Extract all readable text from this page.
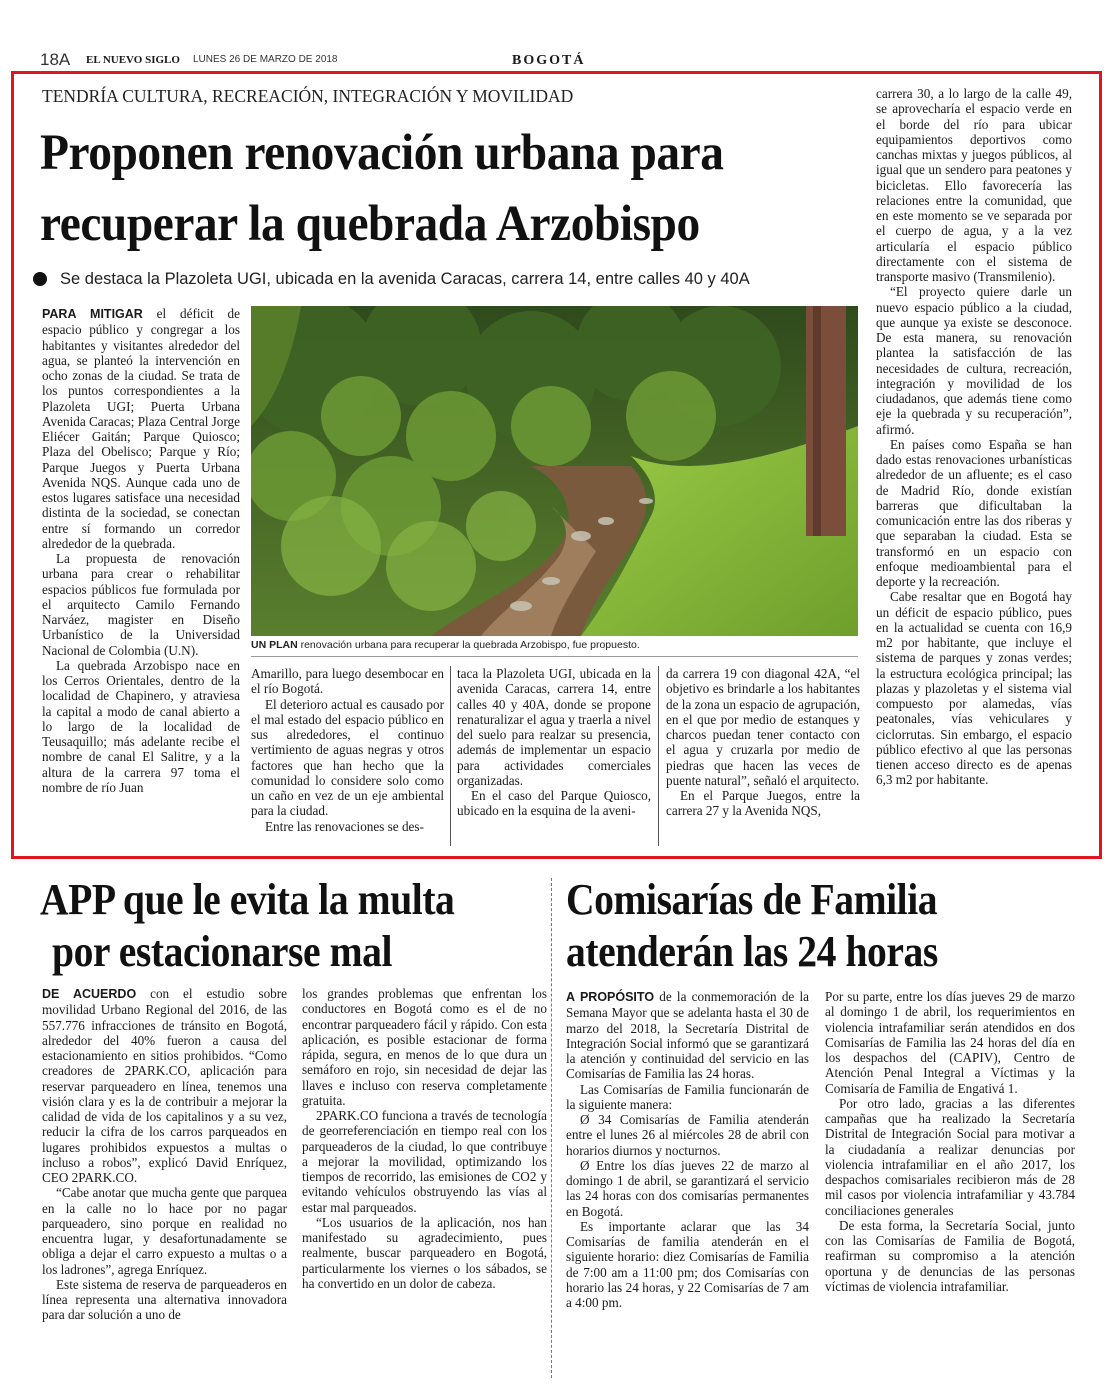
18A EL NUEVO SIGLO LUNES 26 DE MARZO DE 2018	BOGOTÁ
TENDRÍA CULTURA, RECREACIÓN, INTEGRACIÓN Y MOVILIDAD
Proponen renovación urbana para
recuperar la quebrada Arzobispo
Se destaca la Plazoleta UGI, ubicada en la avenida Caracas, carrera 14, entre calles 40 y 40A

PARA MITIGAR el déficit de espacio público y congregar a los habitantes y visitantes alrededor del agua, se planteó la intervención en ocho zonas de la ciudad. Se trata de los puntos correspondientes a la Plazoleta UGI; Puerta Urbana Avenida Caracas; Plaza Central Jorge Eliécer Gaitán; Parque Quiosco; Plaza del Obelisco; Parque y Río; Parque Juegos y Puerta Urbana Avenida NQS. Aunque cada uno de estos lugares satisface una necesidad distinta de la sociedad, se conectan entre sí formando un corredor alrededor de la quebrada.

La propuesta de renovación urbana para crear o rehabilitar espacios públicos fue formulada por el arquitecto Camilo Fernando Narváez, magister en Diseño Urbanístico de la Universidad Nacional de Colombia (U.N).

La quebrada Arzobispo nace en los Cerros Orientales, dentro de la localidad de Chapinero, y atraviesa la capital a modo de canal abierto a lo largo de la localidad de Teusaquillo; más adelante recibe el nombre de canal El Salitre, y a la altura de la carrera 97 toma el nombre de río Juan

UN PLAN renovación urbana para recuperar la quebrada Arzobispo, fue propuesto.

Amarillo, para luego desembocar en el río Bogotá.

El deterioro actual es causado por el mal estado del espacio público en sus alrededores, el continuo vertimiento de aguas negras y otros factores que han hecho que la comunidad lo considere solo como un caño en vez de un eje ambiental para la ciudad.

Entre las renovaciones se des-

taca la Plazoleta UGI, ubicada en la avenida Caracas, carrera 14, entre calles 40 y 40A, donde se propone renaturalizar el agua y traerla a nivel del suelo para realzar su presencia, además de implementar un espacio para actividades comerciales organizadas.

En el caso del Parque Quiosco, ubicado en la esquina de la aveni-

da carrera 19 con diagonal 42A, “el objetivo es brindarle a los habitantes de la zona un espacio de agrupación, en el que por medio de estanques y charcos puedan tener contacto con el agua y cruzarla por medio de piedras que hacen las veces de puente natural”, señaló el arquitecto.

En el Parque Juegos, entre la carrera 27 y la Avenida NQS,

carrera 30, a lo largo de la calle 49, se aprovecharía el espacio verde en el borde del río para ubicar equipamientos deportivos como canchas mixtas y juegos públicos, al igual que un sendero para peatones y bicicletas. Ello favorecería las relaciones entre la comunidad, que en este momento se ve separada por el cuerpo de agua, y a la vez articularía el espacio público directamente con el sistema de transporte masivo (Transmilenio).

“El proyecto quiere darle un nuevo espacio público a la ciudad, que aunque ya existe se desconoce. De esta manera, su renovación plantea la satisfacción de las necesidades de cultura, recreación, integración y movilidad de los ciudadanos, que además tiene como eje la quebrada y su recuperación”, afirmó.

En países como España se han dado estas renovaciones urbanísticas alrededor de un afluente; es el caso de Madrid Río, donde existían barreras que dificultaban la comunicación entre las dos riberas y que separaban la ciudad. Esta se transformó en un espacio con enfoque medioambiental para el deporte y la recreación.

Cabe resaltar que en Bogotá hay un déficit de espacio público, pues en la actualidad se cuenta con 16,9 m2 por habitante, que incluye el sistema de parques y zonas verdes; la estructura ecológica principal; las plazas y plazoletas y el sistema vial compuesto por alamedas, vías peatonales, vías vehiculares y ciclorrutas. Sin embargo, el espacio público efectivo al que las personas tienen acceso directo es de apenas 6,3 m2 por habitante.

APP que le evita la multa
por estacionarse mal

DE ACUERDO con el estudio sobre movilidad Urbano Regional del 2016, de las 557.776 infracciones de tránsito en Bogotá, alrededor del 40% fueron a causa del estacionamiento en sitios prohibidos. “Como creadores de 2PARK.CO, aplicación para reservar parqueadero en línea, tenemos una visión clara y es la de contribuir a mejorar la calidad de vida de los capitalinos y a su vez, reducir la cifra de los carros parqueados en lugares prohibidos expuestos a multas o incluso a robos”, explicó David Enríquez, CEO 2PARK.CO.

“Cabe anotar que mucha gente que parquea en la calle no lo hace por no pagar parqueadero, sino porque en realidad no encuentra lugar, y desafortunadamente se obliga a dejar el carro expuesto a multas o a los ladrones”, agrega Enríquez.

Este sistema de reserva de parqueaderos en línea representa una alternativa innovadora para dar solución a uno de

los grandes problemas que enfrentan los conductores en Bogotá como es el de no encontrar parqueadero fácil y rápido. Con esta aplicación, es posible estacionar de forma rápida, segura, en menos de lo que dura un semáforo en rojo, sin necesidad de dejar las llaves e incluso con reserva completamente gratuita.

2PARK.CO funciona a través de tecnología de georreferenciación en tiempo real con los parqueaderos de la ciudad, lo que contribuye a mejorar la movilidad, optimizando los tiempos de recorrido, las emisiones de CO2 y evitando vehículos obstruyendo las vías al estar mal parqueados.

“Los usuarios de la aplicación, nos han manifestado su agradecimiento, pues realmente, buscar parqueadero en Bogotá, particularmente los viernes o los sábados, se ha convertido en un dolor de cabeza.

Comisarías de Familia
atenderán las 24 horas

A PROPÓSITO de la conmemoración de la Semana Mayor que se adelanta hasta el 30 de marzo del 2018, la Secretaría Distrital de Integración Social informó que se garantizará la atención y continuidad del servicio en las Comisarías de Familia las 24 horas.

Las Comisarías de Familia funcionarán de la siguiente manera:

Ø 34 Comisarías de Familia atenderán entre el lunes 26 al miércoles 28 de abril con horarios diurnos y nocturnos.

Ø Entre los días jueves 22 de marzo al domingo 1 de abril, se garantizará el servicio las 24 horas con dos comisarías permanentes en Bogotá.

Es importante aclarar que las 34 Comisarías de familia atenderán en el siguiente horario: diez Comisarías de Familia de 7:00 am a 11:00 pm; dos Comisarías con horario las 24 horas, y 22 Comisarías de 7 am a 4:00 pm.

Por su parte, entre los días jueves 29 de marzo al domingo 1 de abril, los requerimientos en violencia intrafamiliar serán atendidos en dos Comisarías de Familia las 24 horas del día en los despachos del (CAPIV), Centro de Atención Penal Integral a Víctimas y la Comisaría de Familia de Engativá 1.

Por otro lado, gracias a las diferentes campañas que ha realizado la Secretaría Distrital de Integración Social para motivar a la ciudadanía a realizar denuncias por violencia intrafamiliar en el año 2017, los despachos comisariales recibieron más de 28 mil casos por violencia intrafamiliar y 43.784 conciliaciones generales

De esta forma, la Secretaría Social, junto con las Comisarías de Familia de Bogotá, reafirman su compromiso a la atención oportuna y de denuncias de las personas víctimas de violencia intrafamiliar.
